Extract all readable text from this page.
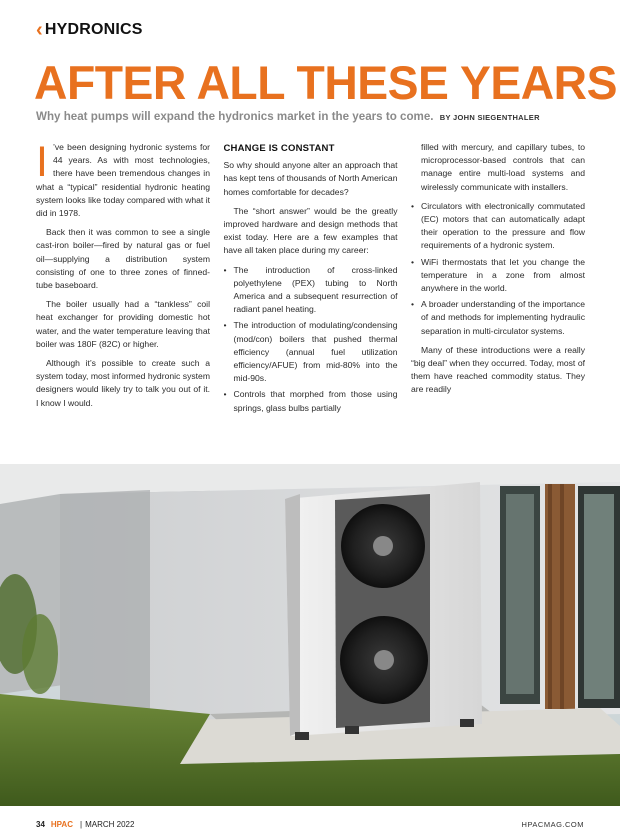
‹ HYDRONICS
AFTER ALL THESE YEARS
Why heat pumps will expand the hydronics market in the years to come. BY JOHN SIEGENTHALER

I ’ve been designing hydronic systems for 44 years. As with most technologies, there have been tremendous changes in what a “typical” residential hydronic heating system looks like today compared with what it did in 1978.

Back then it was common to see a single cast-iron boiler—fired by natural gas or fuel oil—supplying a distribution system consisting of one to three zones of finned-tube baseboard.

The boiler usually had a “tankless” coil heat exchanger for providing domestic hot water, and the water temperature leaving that boiler was 180F (82C) or higher.

Although it’s possible to create such a system today, most informed hydronic system designers would likely try to talk you out of it. I know I would.

CHANGE IS CONSTANT

So why should anyone alter an approach that has kept tens of thousands of North American homes comfortable for decades?

The “short answer” would be the greatly improved hardware and design methods that exist today. Here are a few examples that have all taken place during my career:

• The introduction of cross-linked polyethylene (PEX) tubing to North America and a subsequent resurrection of radiant panel heating.
• The introduction of modulating/condensing (mod/con) boilers that pushed thermal efficiency (annual fuel utilization efficiency/AFUE) from mid-80% into the mid-90s.
• Controls that morphed from those using springs, glass bulbs partially

filled with mercury, and capillary tubes, to microprocessor-based controls that can manage entire multi-load systems and wirelessly communicate with installers.

• Circulators with electronically commutated (EC) motors that can automatically adapt their operation to the pressure and flow requirements of a hydronic system.
• WiFi thermostats that let you change the temperature in a zone from almost anywhere in the world.
• A broader understanding of the importance of and methods for implementing hydraulic separation in multi-circulator systems.

Many of these introductions were a really “big deal” when they occurred. Today, most of them have reached commodity status. They are readily

34 HPAC | MARCH 2022	HPACMAG.COM
